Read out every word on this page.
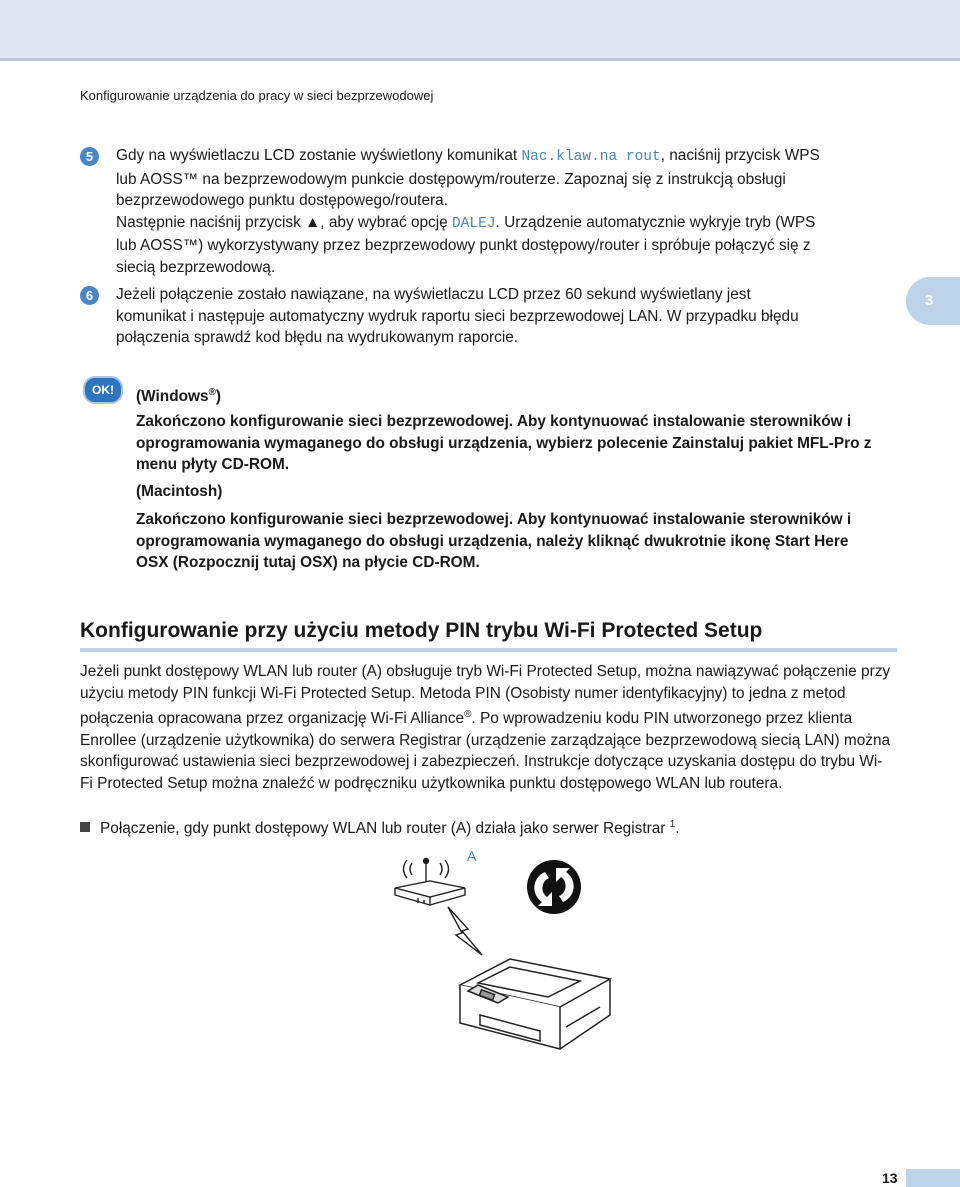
Konfigurowanie urządzenia do pracy w sieci bezprzewodowej
5	Gdy na wyświetlaczu LCD zostanie wyświetlony komunikat Nac.klaw.na rout, naciśnij przycisk WPS lub AOSS™ na bezprzewodowym punkcie dostępowym/routerze. Zapoznaj się z instrukcją obsługi bezprzewodowego punktu dostępowego/routera.
Następnie naciśnij przycisk ▲, aby wybrać opcję DALEJ. Urządzenie automatycznie wykryje tryb (WPS lub AOSS™) wykorzystywany przez bezprzewodowy punkt dostępowy/router i spróbuje połączyć się z siecią bezprzewodową.
6	Jeżeli połączenie zostało nawiązane, na wyświetlaczu LCD przez 60 sekund wyświetlany jest komunikat i następuje automatyczny wydruk raportu sieci bezprzewodowej LAN. W przypadku błędu połączenia sprawdź kod błędu na wydrukowanym raporcie.
3
OK!	(Windows®)
Zakończono konfigurowanie sieci bezprzewodowej. Aby kontynuować instalowanie sterowników i oprogramowania wymaganego do obsługi urządzenia, wybierz polecenie Zainstaluj pakiet MFL-Pro z menu płyty CD-ROM.
(Macintosh)
Zakończono konfigurowanie sieci bezprzewodowej. Aby kontynuować instalowanie sterowników i oprogramowania wymaganego do obsługi urządzenia, należy kliknąć dwukrotnie ikonę Start Here OSX (Rozpocznij tutaj OSX) na płycie CD-ROM.
Konfigurowanie przy użyciu metody PIN trybu Wi-Fi Protected Setup
Jeżeli punkt dostępowy WLAN lub router (A) obsługuje tryb Wi-Fi Protected Setup, można nawiązywać połączenie przy użyciu metody PIN funkcji Wi-Fi Protected Setup. Metoda PIN (Osobisty numer identyfikacyjny) to jedna z metod połączenia opracowana przez organizację Wi-Fi Alliance®. Po wprowadzeniu kodu PIN utworzonego przez klienta Enrollee (urządzenie użytkownika) do serwera Registrar (urządzenie zarządzające bezprzewodową siecią LAN) można skonfigurować ustawienia sieci bezprzewodowej i zabezpieczeń. Instrukcje dotyczące uzyskania dostępu do trybu Wi-Fi Protected Setup można znaleźć w podręczniku użytkownika punktu dostępowego WLAN lub routera.
Połączenie, gdy punkt dostępowy WLAN lub router (A) działa jako serwer Registrar $^1$.
A
13
